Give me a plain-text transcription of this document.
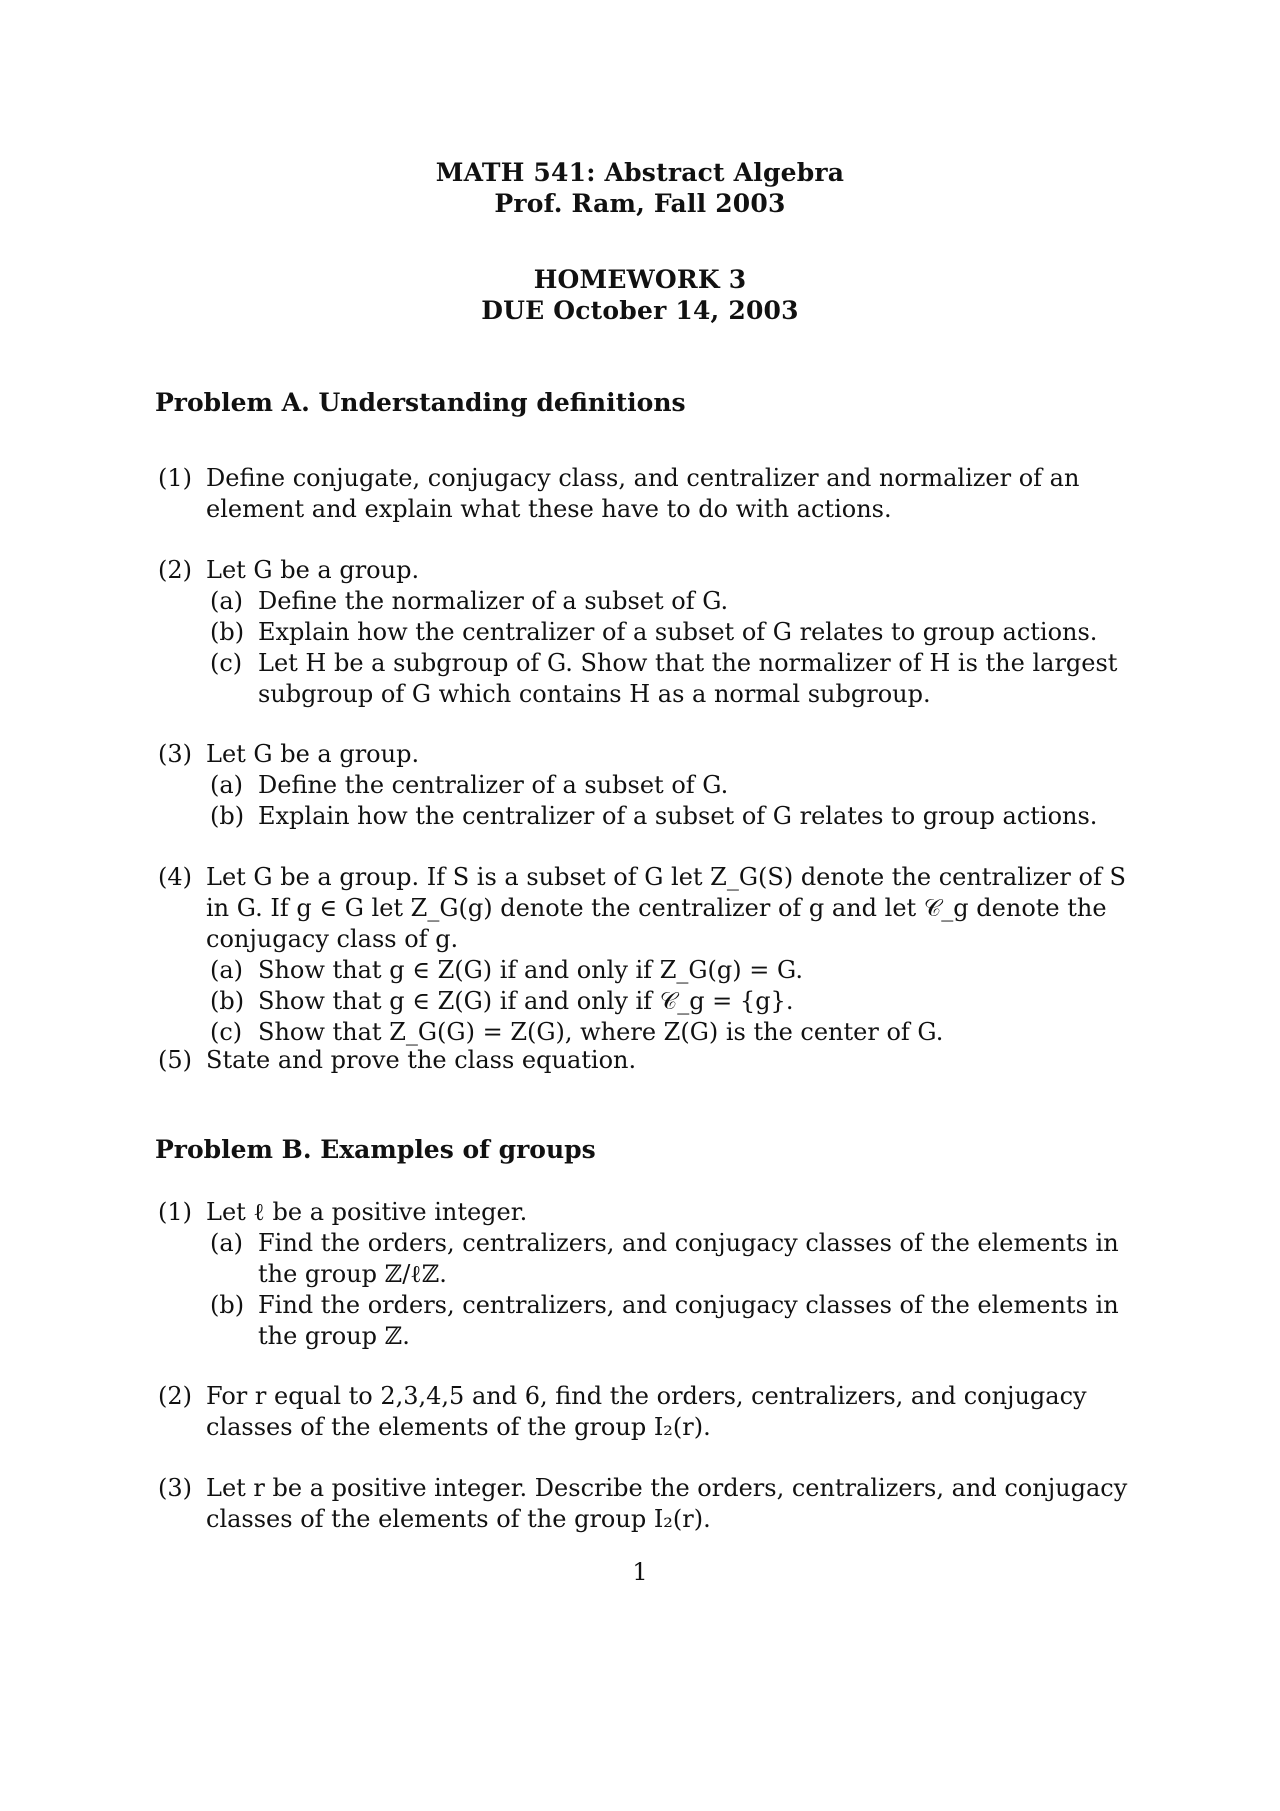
MATH 541: Abstract Algebra
Prof. Ram, Fall 2003
HOMEWORK 3
DUE October 14, 2003
Problem A. Understanding definitions
(1) Define conjugate, conjugacy class, and centralizer and normalizer of an element and explain what these have to do with actions.
(2) Let G be a group.
(a) Define the normalizer of a subset of G.
(b) Explain how the centralizer of a subset of G relates to group actions.
(c) Let H be a subgroup of G. Show that the normalizer of H is the largest subgroup of G which contains H as a normal subgroup.
(3) Let G be a group.
(a) Define the centralizer of a subset of G.
(b) Explain how the centralizer of a subset of G relates to group actions.
(4) Let G be a group. If S is a subset of G let Z_G(S) denote the centralizer of S in G. If g ∈ G let Z_G(g) denote the centralizer of g and let 𝒞_g denote the conjugacy class of g.
(a) Show that g ∈ Z(G) if and only if Z_G(g) = G.
(b) Show that g ∈ Z(G) if and only if 𝒞_g = {g}.
(c) Show that Z_G(G) = Z(G), where Z(G) is the center of G.
(5) State and prove the class equation.
Problem B. Examples of groups
(1) Let ℓ be a positive integer.
(a) Find the orders, centralizers, and conjugacy classes of the elements in the group ℤ/ℓℤ.
(b) Find the orders, centralizers, and conjugacy classes of the elements in the group ℤ.
(2) For r equal to 2,3,4,5 and 6, find the orders, centralizers, and conjugacy classes of the elements of the group I₂(r).
(3) Let r be a positive integer. Describe the orders, centralizers, and conjugacy classes of the elements of the group I₂(r).
1
